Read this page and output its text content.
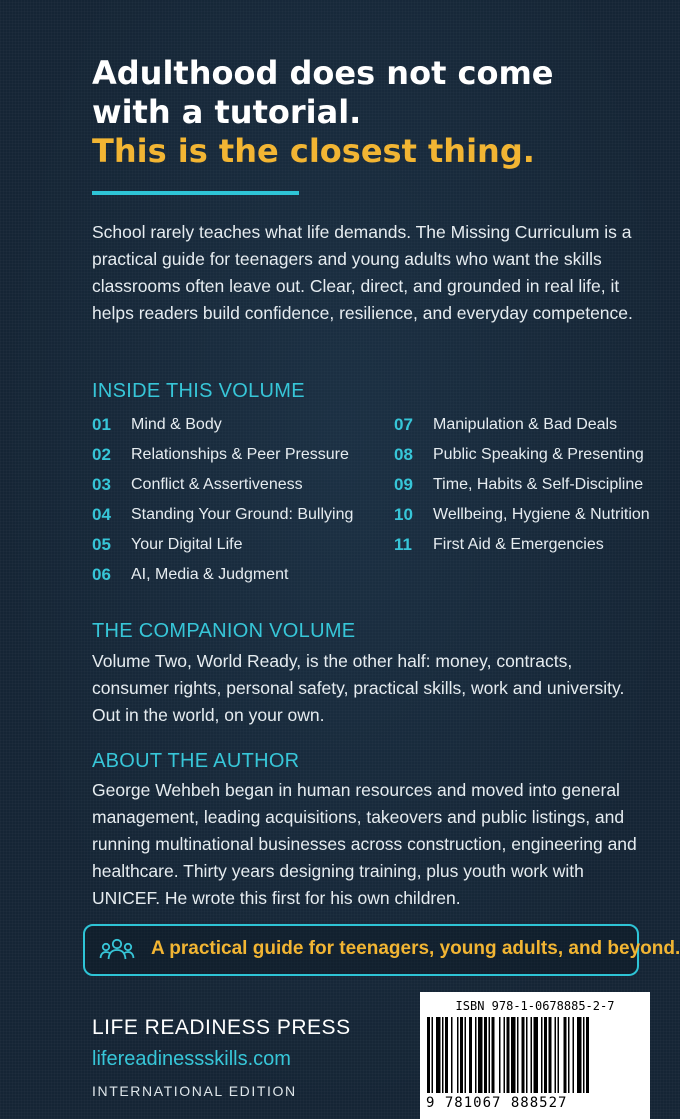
Adulthood does not come
with a tutorial.
This is the closest thing.
School rarely teaches what life demands. The Missing Curriculum is a practical guide for teenagers and young adults who want the skills classrooms often leave out. Clear, direct, and grounded in real life, it helps readers build confidence, resilience, and everyday competence.
INSIDE THIS VOLUME
01 Mind & Body
02 Relationships & Peer Pressure
03 Conflict & Assertiveness
04 Standing Your Ground: Bullying
05 Your Digital Life
06 AI, Media & Judgment
07 Manipulation & Bad Deals
08 Public Speaking & Presenting
09 Time, Habits & Self-Discipline
10 Wellbeing, Hygiene & Nutrition
11 First Aid & Emergencies
THE COMPANION VOLUME
Volume Two, World Ready, is the other half: money, contracts, consumer rights, personal safety, practical skills, work and university. Out in the world, on your own.
ABOUT THE AUTHOR
George Wehbeh began in human resources and moved into general management, leading acquisitions, takeovers and public listings, and running multinational businesses across construction, engineering and healthcare. Thirty years designing training, plus youth work with UNICEF. He wrote this first for his own children.
A practical guide for teenagers, young adults, and beyond.
LIFE READINESS PRESS
lifereadinessskills.com
INTERNATIONAL EDITION
ISBN 978-1-0678885-2-7
9 781067 888527
